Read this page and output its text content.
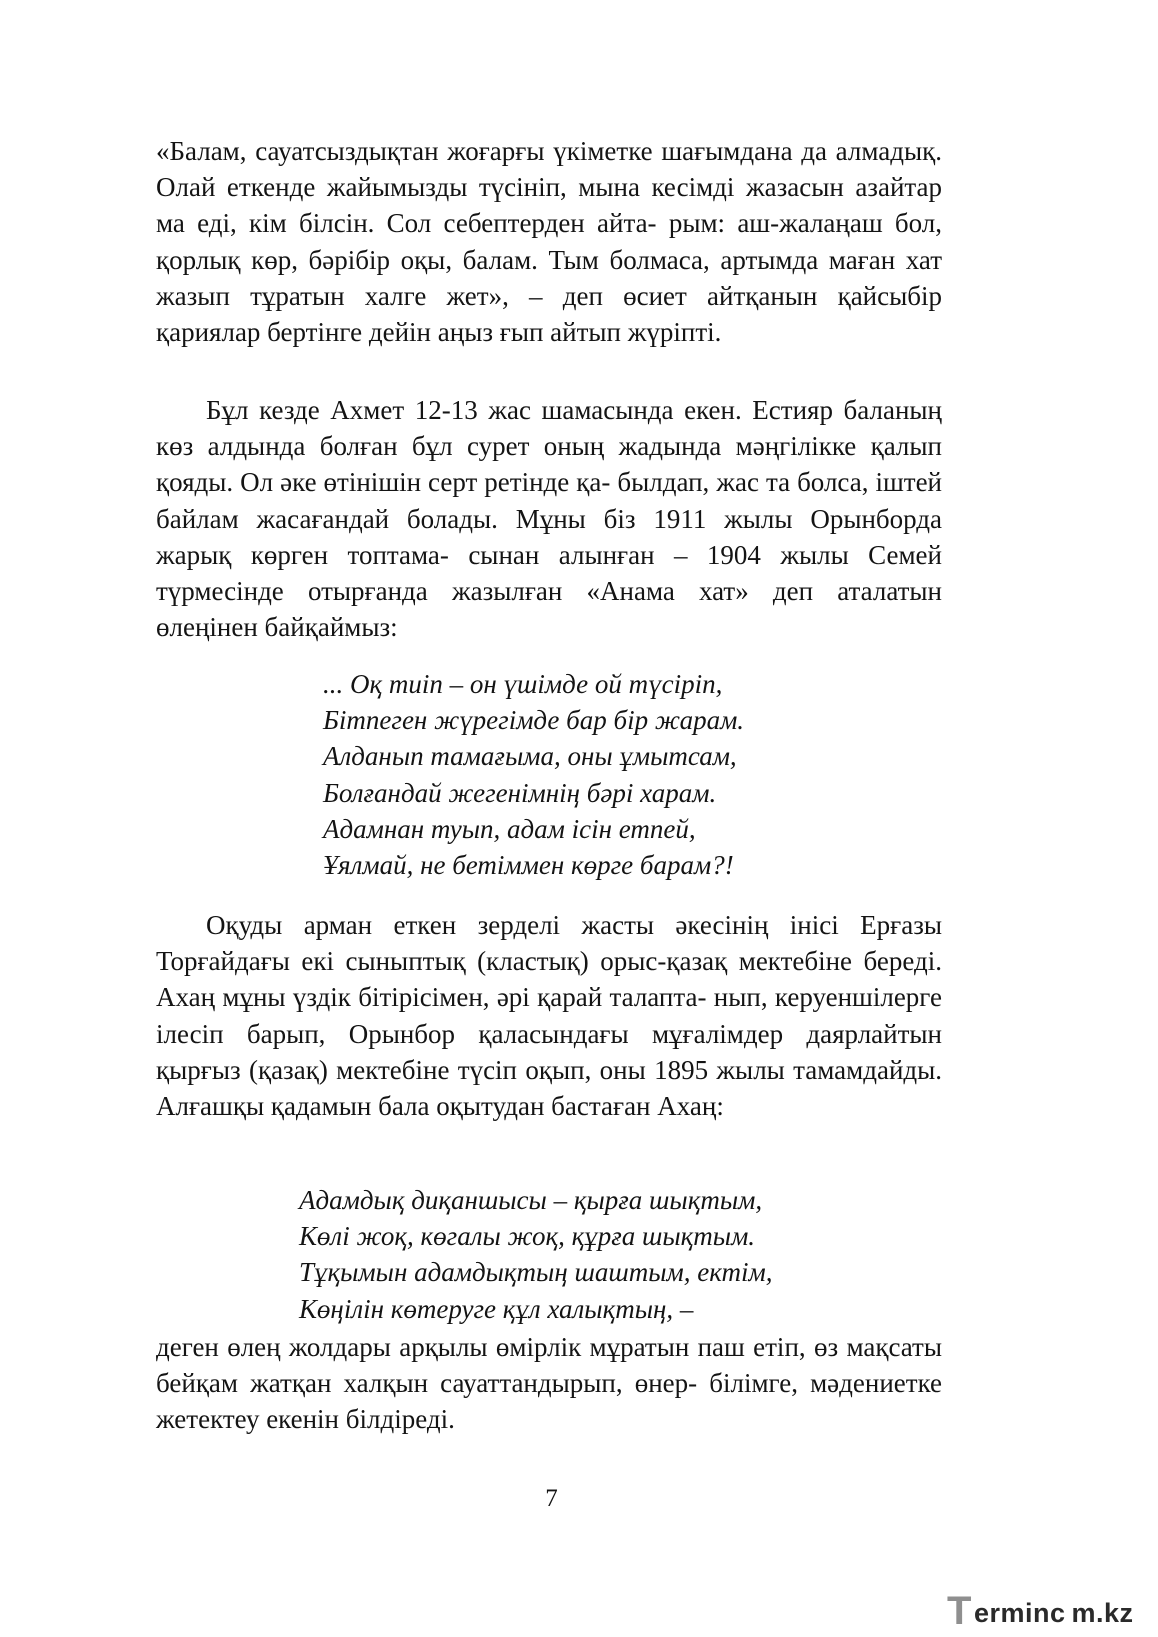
«Балам, сауатсыздықтан жоғарғы үкіметке шағымдана да алмадық. Олай еткенде жайымызды түсініп, мына кесімді жазасын азайтар ма еді, кім білсін. Сол себептерден айта- рым: аш-жалаңаш бол, қорлық көр, бәрібір оқы, балам. Тым болмаса, артымда маған хат жазып тұратын халге жет», – деп өсиет айтқанын қайсыбір қариялар бертінге дейін аңыз ғып айтып жүріпті.

Бұл кезде Ахмет 12-13 жас шамасында екен. Естияр баланың көз алдында болған бұл сурет оның жадында мәңгілікке қалып қояды. Ол әке өтінішін серт ретінде қа- былдап, жас та болса, іштей байлам жасағандай болады. Мұны біз 1911 жылы Орынборда жарық көрген топтама- сынан алынған – 1904 жылы Семей түрмесінде отырғанда жазылған «Анама хат» деп аталатын өлеңінен байқаймыз:

... Оқ тиіп – он үшімде ой түсіріп,
Бітпеген жүрегімде бар бір жарам.
Алданып тамағыма, оны ұмытсам,
Болғандай жегенімнің бәрі харам.
Адамнан туып, адам ісін етпей,
Ұялмай, не бетіммен көрге барам?!

Оқуды арман еткен зерделі жасты әкесінің інісі Ерғазы Торғайдағы екі сыныптық (кластық) орыс-қазақ мектебіне береді. Ахаң мұны үздік бітірісімен, әрі қарай талапта- нып, керуеншілерге ілесіп барып, Орынбор қаласындағы мұғалімдер даярлайтын қырғыз (қазақ) мектебіне түсіп оқып, оны 1895 жылы тамамдайды. Алғашқы қадамын бала оқытудан бастаған Ахаң:

Адамдық диқаншысы – қырға шықтым,
Көлі жоқ, көгалы жоқ, құрға шықтым.
Тұқымын адамдықтың шаштым, ектім,
Көңілін көтеруге құл халықтың, –

деген өлең жолдары арқылы өмірлік мұратын паш етіп, өз мақсаты бейқам жатқан халқын сауаттандырып, өнер- білімге, мәдениетке жетектеу екенін білдіреді.

7
T erminc m.kz
